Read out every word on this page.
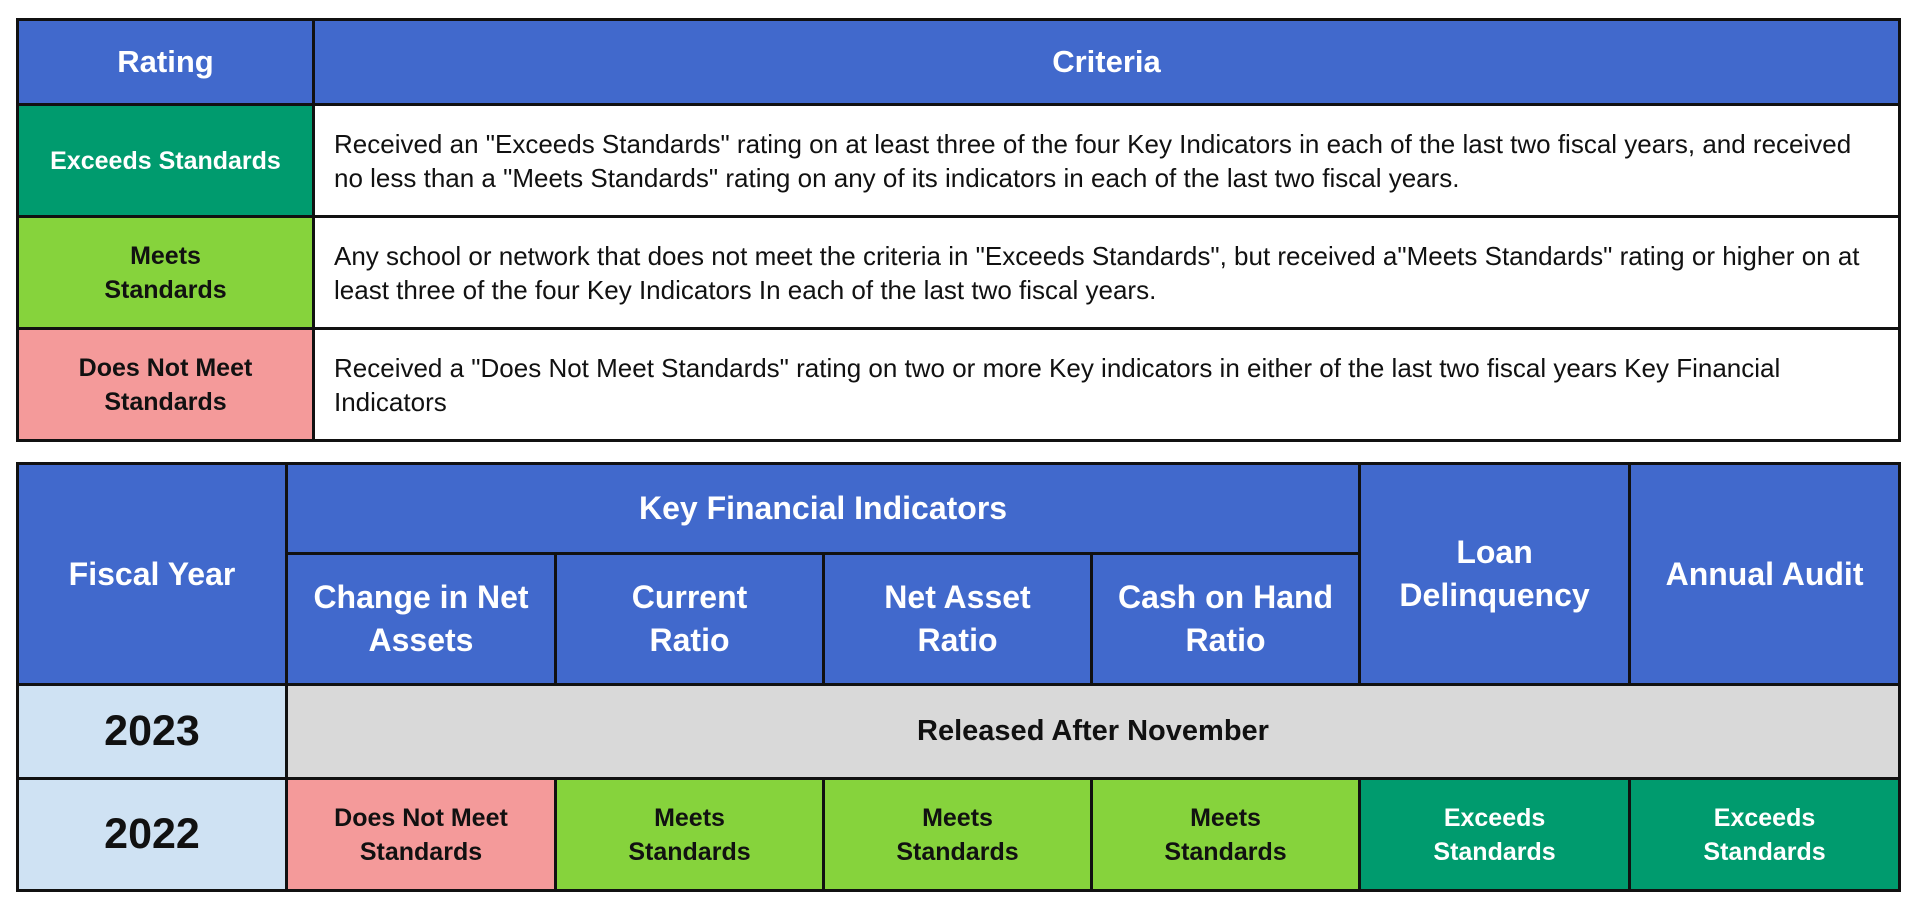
Rating	Criteria
Exceeds Standards	Received an "Exceeds Standards" rating on at least three of the four Key Indicators in each of the last two fiscal years, and received no less than a "Meets Standards" rating on any of its indicators in each of the last two fiscal years.
Meets Standards	Any school or network that does not meet the criteria in "Exceeds Standards", but received a"Meets Standards" rating or higher on at least three of the four Key Indicators In each of the last two fiscal years.
Does Not Meet Standards	Received a "Does Not Meet Standards" rating on two or more Key indicators in either of the last two fiscal years Key Financial Indicators
Fiscal Year	Key Financial Indicators				Loan Delinquency	Annual Audit
	Change in Net Assets	Current Ratio	Net Asset Ratio	Cash on Hand Ratio		
2023	Released After November					
2022	Does Not Meet Standards	Meets Standards	Meets Standards	Meets Standards	Exceeds Standards	Exceeds Standards
